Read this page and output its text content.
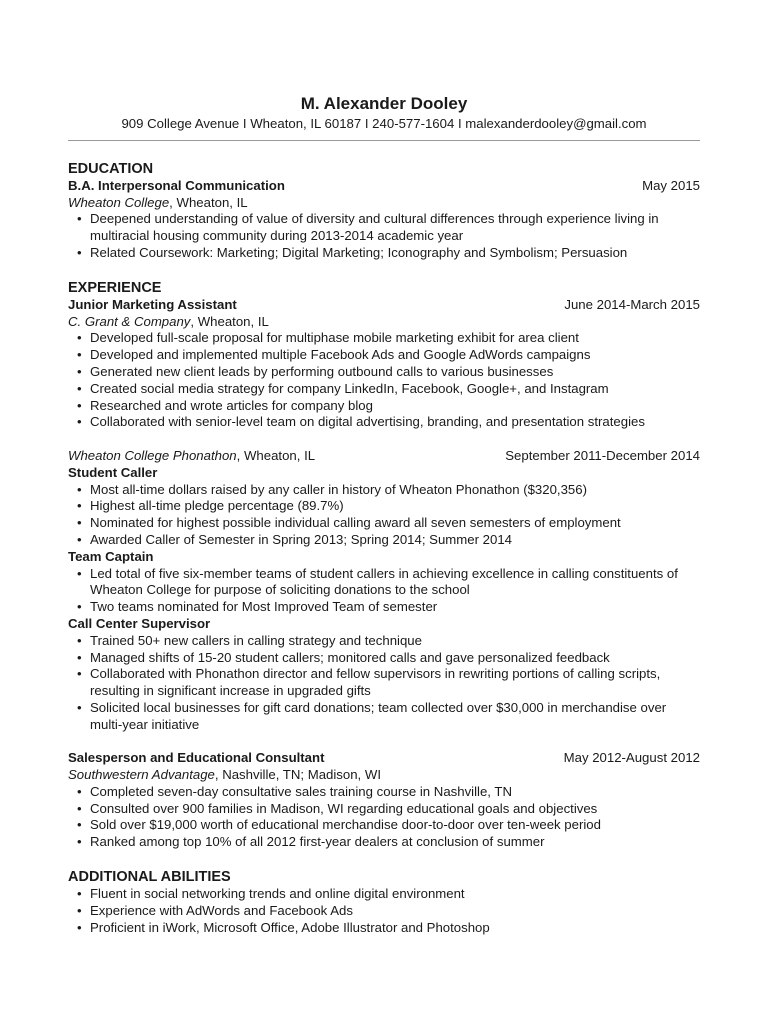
M. Alexander Dooley
909 College Avenue I Wheaton, IL 60187 I 240-577-1604 I malexanderdooley@gmail.com
EDUCATION
B.A. Interpersonal Communication	May 2015
Wheaton College, Wheaton, IL
• Deepened understanding of value of diversity and cultural differences through experience living in multiracial housing community during 2013-2014 academic year
• Related Coursework: Marketing; Digital Marketing; Iconography and Symbolism; Persuasion
EXPERIENCE
Junior Marketing Assistant	June 2014-March 2015
C. Grant & Company, Wheaton, IL
• Developed full-scale proposal for multiphase mobile marketing exhibit for area client
• Developed and implemented multiple Facebook Ads and Google AdWords campaigns
• Generated new client leads by performing outbound calls to various businesses
• Created social media strategy for company LinkedIn, Facebook, Google+, and Instagram
• Researched and wrote articles for company blog
• Collaborated with senior-level team on digital advertising, branding, and presentation strategies
Wheaton College Phonathon, Wheaton, IL	September 2011-December 2014
Student Caller
• Most all-time dollars raised by any caller in history of Wheaton Phonathon ($320,356)
• Highest all-time pledge percentage (89.7%)
• Nominated for highest possible individual calling award all seven semesters of employment
• Awarded Caller of Semester in Spring 2013; Spring 2014; Summer 2014
Team Captain
• Led total of five six-member teams of student callers in achieving excellence in calling constituents of Wheaton College for purpose of soliciting donations to the school
• Two teams nominated for Most Improved Team of semester
Call Center Supervisor
• Trained 50+ new callers in calling strategy and technique
• Managed shifts of 15-20 student callers; monitored calls and gave personalized feedback
• Collaborated with Phonathon director and fellow supervisors in rewriting portions of calling scripts, resulting in significant increase in upgraded gifts
• Solicited local businesses for gift card donations; team collected over $30,000 in merchandise over multi-year initiative
Salesperson and Educational Consultant	May 2012-August 2012
Southwestern Advantage, Nashville, TN; Madison, WI
• Completed seven-day consultative sales training course in Nashville, TN
• Consulted over 900 families in Madison, WI regarding educational goals and objectives
• Sold over $19,000 worth of educational merchandise door-to-door over ten-week period
• Ranked among top 10% of all 2012 first-year dealers at conclusion of summer
ADDITIONAL ABILITIES
• Fluent in social networking trends and online digital environment
• Experience with AdWords and Facebook Ads
• Proficient in iWork, Microsoft Office, Adobe Illustrator and Photoshop
